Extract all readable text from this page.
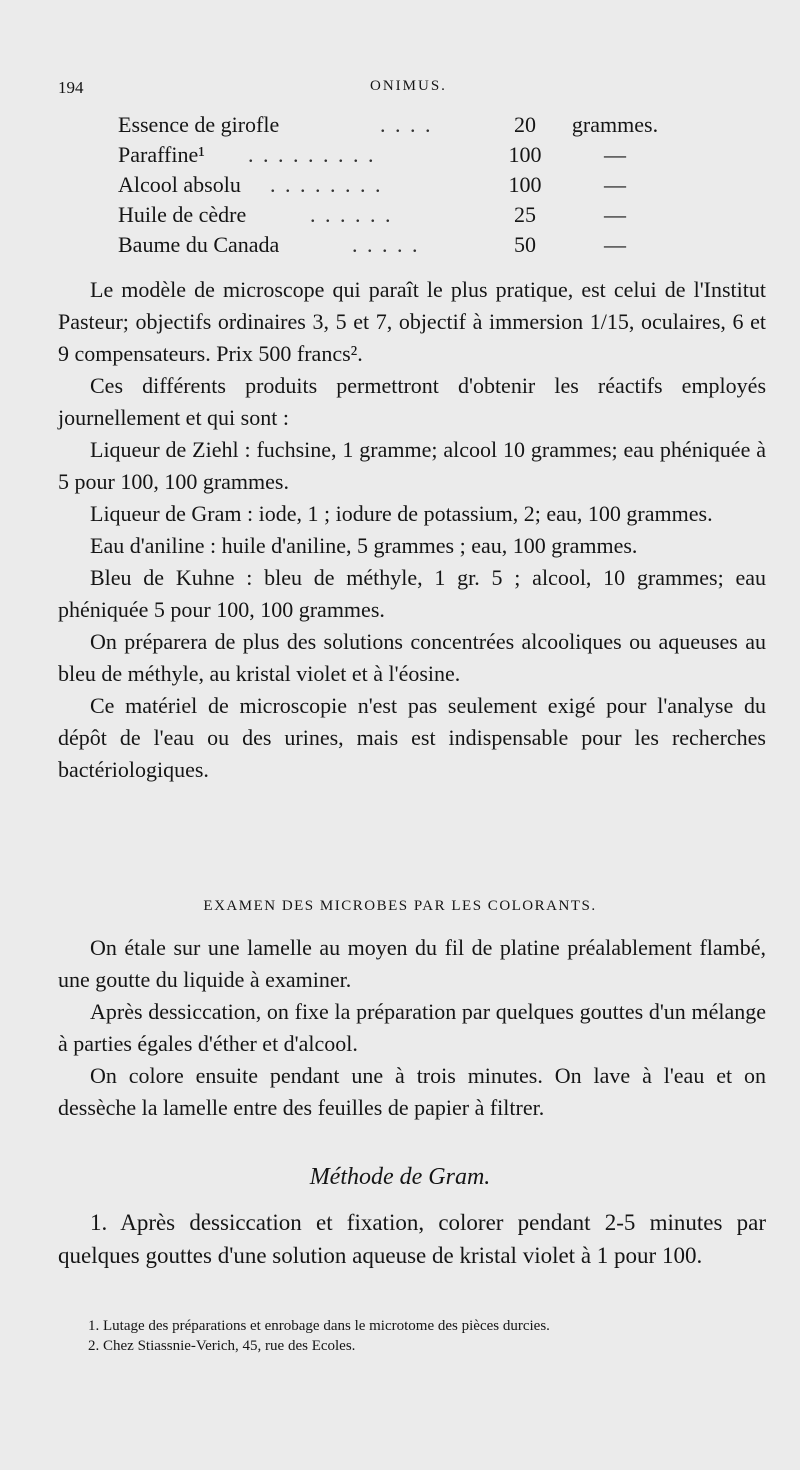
194	ONIMUS.
Essence de girofle	. . . .	20	grammes.
Paraffine¹ . . . . . . . . .	100	—
Alcool absolu . . . . . . . .	100	—
Huile de cèdre	. . . . . .	25	—
Baume du Canada	. . . . .	50	—

Le modèle de microscope qui paraît le plus pratique, est celui de l'Institut Pasteur; objectifs ordinaires 3, 5 et 7, objectif à immersion 1/15, oculaires, 6 et 9 compensateurs. Prix 500 francs².

Ces différents produits permettront d'obtenir les réactifs employés journellement et qui sont :

Liqueur de Ziehl : fuchsine, 1 gramme; alcool 10 grammes; eau phéniquée à 5 pour 100, 100 grammes.

Liqueur de Gram : iode, 1 ; iodure de potassium, 2; eau, 100 grammes.

Eau d'aniline : huile d'aniline, 5 grammes ; eau, 100 grammes.

Bleu de Kuhne : bleu de méthyle, 1 gr. 5 ; alcool, 10 grammes; eau phéniquée 5 pour 100, 100 grammes.

On préparera de plus des solutions concentrées alcooliques ou aqueuses au bleu de méthyle, au kristal violet et à l'éosine.

Ce matériel de microscopie n'est pas seulement exigé pour l'analyse du dépôt de l'eau ou des urines, mais est indispensable pour les recherches bactériologiques.

EXAMEN DES MICROBES PAR LES COLORANTS.

On étale sur une lamelle au moyen du fil de platine préalablement flambé, une goutte du liquide à examiner.

Après dessiccation, on fixe la préparation par quelques gouttes d'un mélange à parties égales d'éther et d'alcool.

On colore ensuite pendant une à trois minutes. On lave à l'eau et on dessèche la lamelle entre des feuilles de papier à filtrer.

Méthode de Gram.

1. Après dessiccation et fixation, colorer pendant 2-5 minutes par quelques gouttes d'une solution aqueuse de kristal violet à 1 pour 100.

1. Lutage des préparations et enrobage dans le microtome des pièces durcies.
2. Chez Stiassnie-Verich, 45, rue des Ecoles.
